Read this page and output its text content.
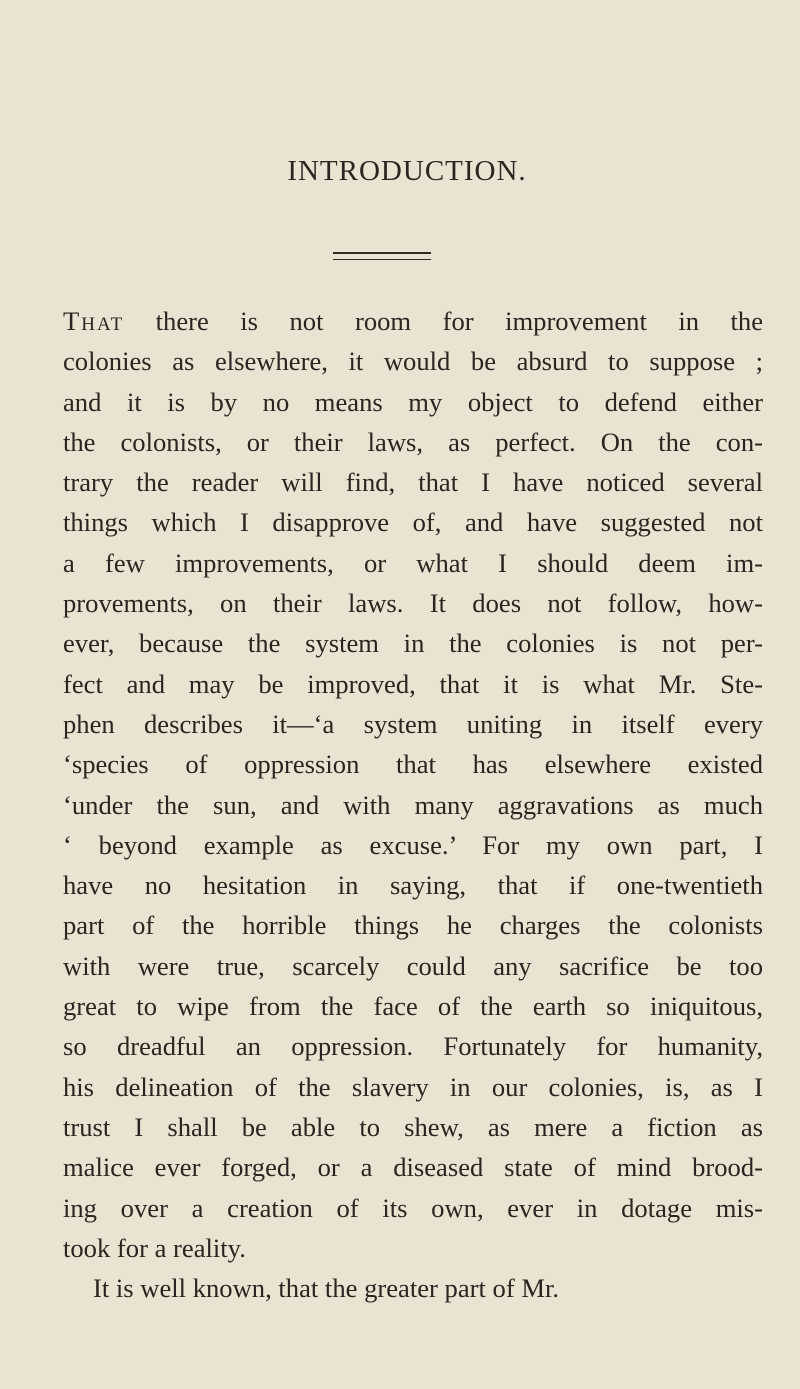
INTRODUCTION.
That there is not room for improvement in the
colonies as elsewhere, it would be absurd to suppose ;
and it is by no means my object to defend either
the colonists, or their laws, as perfect. On the con-
trary the reader will find, that I have noticed several
things which I disapprove of, and have suggested not
a few improvements, or what I should deem im-
provements, on their laws. It does not follow, how-
ever, because the system in the colonies is not per-
fect and may be improved, that it is what Mr. Ste-
phen describes it—‘a system uniting in itself every
‘species of oppression that has elsewhere existed
‘under the sun, and with many aggravations as much
‘ beyond example as excuse.’ For my own part, I
have no hesitation in saying, that if one-twentieth
part of the horrible things he charges the colonists
with were true, scarcely could any sacrifice be too
great to wipe from the face of the earth so iniquitous,
so dreadful an oppression. Fortunately for humanity,
his delineation of the slavery in our colonies, is, as I
trust I shall be able to shew, as mere a fiction as
malice ever forged, or a diseased state of mind brood-
ing over a creation of its own, ever in dotage mis-
took for a reality.
It is well known, that the greater part of Mr.
